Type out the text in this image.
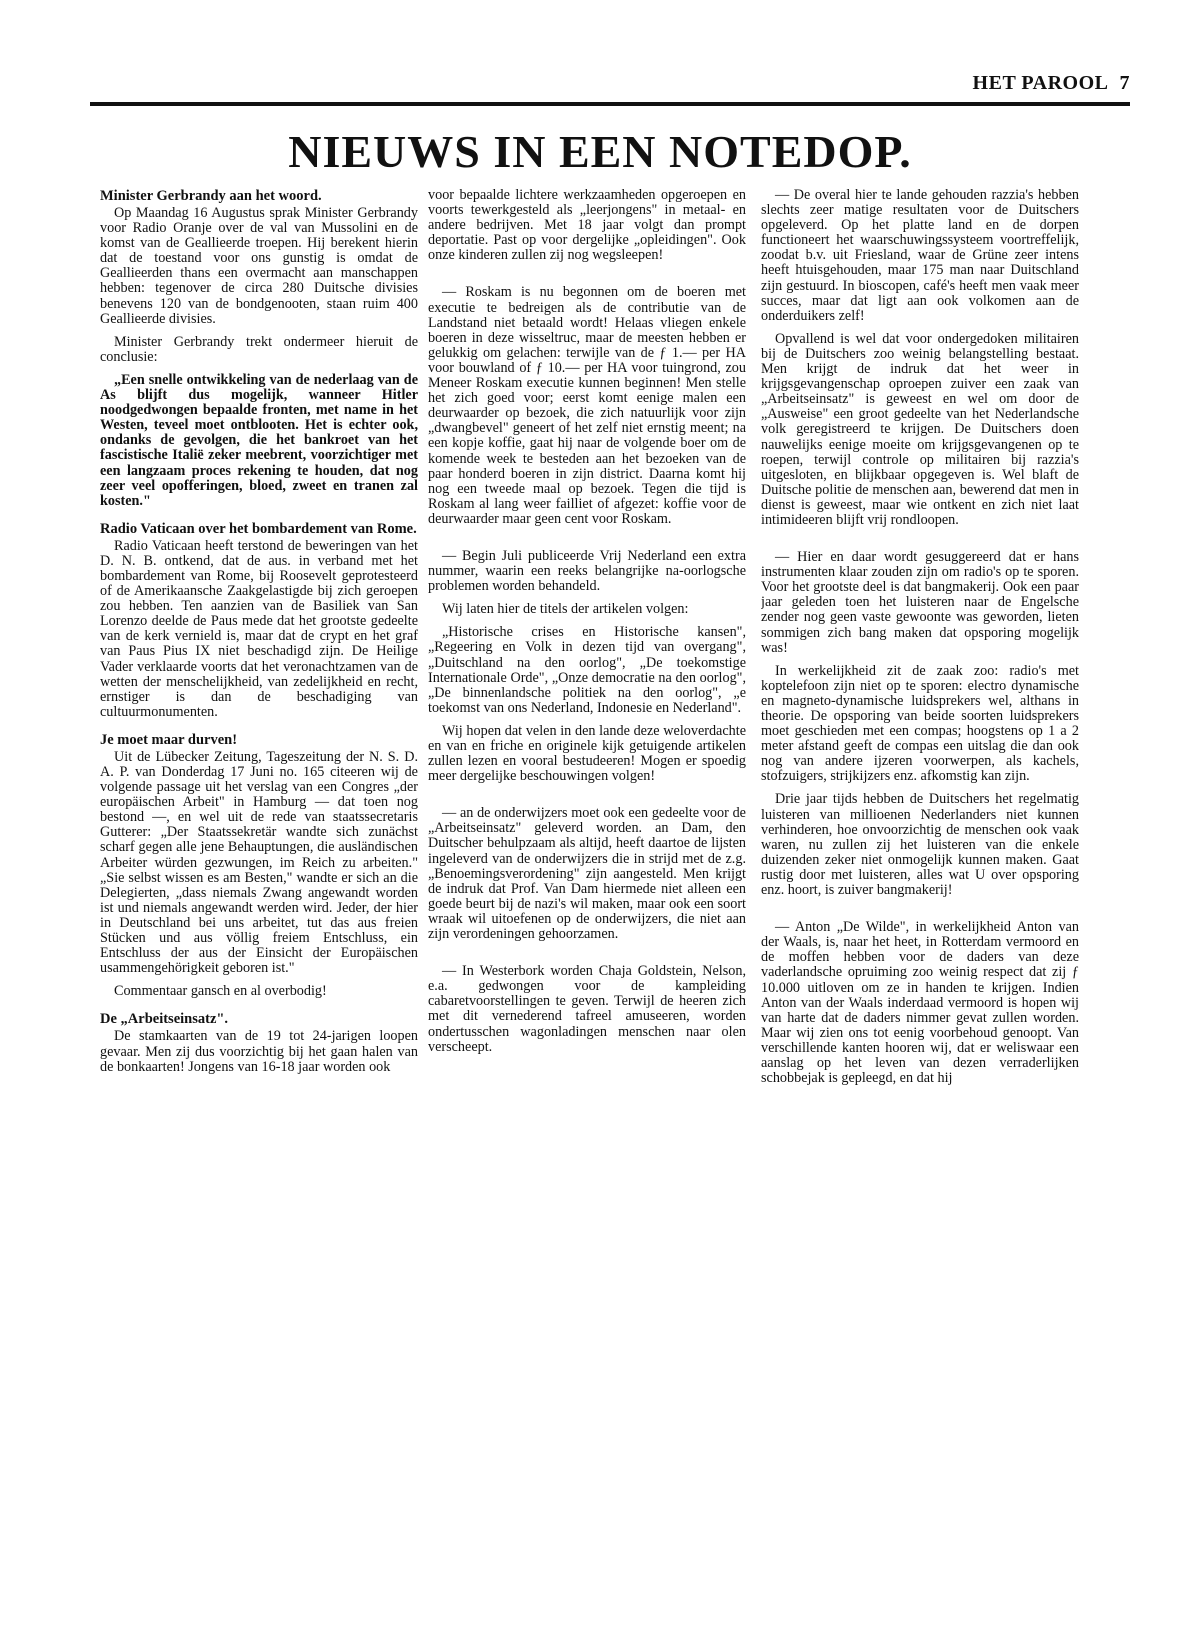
HET PAROOL 7
NIEUWS IN EEN NOTEDOP.
Minister Gerbrandy aan het woord.

Op Maandag 16 Augustus sprak Minister Gerbrandy voor Radio Oranje over de val van Mussolini en de komst van de Geallieerde troepen. Hij berekent hierin dat de toestand voor ons gunstig is omdat de Geallieerden thans een overmacht aan manschappen hebben: tegenover de circa 280 Duitsche divisies benevens 120 van de bondgenooten, staan ruim 400 Geallieerde divisies.

Minister Gerbrandy trekt ondermeer hieruit de conclusie:

„Een snelle ontwikkeling van de nederlaag van de As blijft dus mogelijk, wanneer Hitler noodgedwongen bepaalde fronten, met name in het Westen, teveel moet ontblooten. Het is echter ook, ondanks de gevolgen, die het bankroet van het fascistische Italië zeker meebrent, voorzichtiger met een langzaam proces rekening te houden, dat nog zeer veel opofferingen, bloed, zweet en tranen zal kosten."

Radio Vaticaan over het bombardement van Rome.

Radio Vaticaan heeft terstond de beweringen van het D. N. B. ontkend, dat de aus. in verband met het bombardement van Rome, bij Roosevelt geprotesteerd of de Amerikaansche Zaakgelastigde bij zich geroepen zou hebben. Ten aanzien van de Basiliek van San Lorenzo deelde de Paus mede dat het grootste gedeelte van de kerk vernield is, maar dat de crypt en het graf van Paus Pius IX niet beschadigd zijn. De Heilige Vader verklaarde voorts dat het veronachtzamen van de wetten der menschelijkheid, van zedelijkheid en recht, ernstiger is dan de beschadiging van cultuurmonumenten.

Je moet maar durven!

Uit de Lübecker Zeitung, Tageszeitung der N. S. D. A. P. van Donderdag 17 Juni no. 165 citeeren wij de volgende passage uit het verslag van een Congres „der europäischen Arbeit" in Hamburg — dat toen nog bestond —, en wel uit de rede van staatssecretaris Gutterer: „Der Staatssekretär wandte sich zunächst scharf gegen alle jene Behauptungen, die ausländischen Arbeiter würden gezwungen, im Reich zu arbeiten." „Sie selbst wissen es am Besten," wandte er sich an die Delegierten, „dass niemals Zwang angewandt worden ist und niemals angewandt werden wird. Jeder, der hier in Deutschland bei uns arbeitet, tut das aus freien Stücken und aus völlig freiem Entschluss, ein Entschluss der aus der Einsicht der Europäischen usammengehörigkeit geboren ist."

Commentaar gansch en al overbodig!

De „Arbeitseinsatz".

De stamkaarten van de 19 tot 24-jarigen loopen gevaar. Men zij dus voorzichtig bij het gaan halen van de bonkaarten! Jongens van 16-18 jaar worden ook

voor bepaalde lichtere werkzaamheden opgeroepen en voorts tewerkgesteld als „leerjongens" in metaal- en andere bedrijven. Met 18 jaar volgt dan prompt deportatie. Past op voor dergelijke „opleidingen". Ook onze kinderen zullen zij nog wegsleepen!

— Roskam is nu begonnen om de boeren met executie te bedreigen als de contributie van de Landstand niet betaald wordt! Helaas vliegen enkele boeren in deze wisseltruc, maar de meesten hebben er gelukkig om gelachen: terwijle van de ƒ 1.— per HA voor bouwland of ƒ 10.— per HA voor tuingrond, zou Meneer Roskam executie kunnen beginnen! Men stelle het zich goed voor; eerst komt eenige malen een deurwaarder op bezoek, die zich natuurlijk voor zijn „dwangbevel" geneert of het zelf niet ernstig meent; na een kopje koffie, gaat hij naar de volgende boer om de komende week te besteden aan het bezoeken van de paar honderd boeren in zijn district. Daarna komt hij nog een tweede maal op bezoek. Tegen die tijd is Roskam al lang weer failliet of afgezet: koffie voor de deurwaarder maar geen cent voor Roskam.

— Begin Juli publiceerde Vrij Nederland een extra nummer, waarin een reeks belangrijke na-oorlogsche problemen worden behandeld.

Wij laten hier de titels der artikelen volgen:

„Historische crises en Historische kansen", „Regeering en Volk in dezen tijd van overgang", „Duitschland na den oorlog", „De toekomstige Internationale Orde", „Onze democratie na den oorlog", „De binnenlandsche politiek na den oorlog", „e toekomst van ons Nederland, Indonesie en Nederland".

Wij hopen dat velen in den lande deze weloverdachte en van en friche en originele kijk getuigende artikelen zullen lezen en vooral bestudeeren! Mogen er spoedig meer dergelijke beschouwingen volgen!

— an de onderwijzers moet ook een gedeelte voor de „Arbeitseinsatz" geleverd worden. an Dam, den Duitscher behulpzaam als altijd, heeft daartoe de lijsten ingeleverd van de onderwijzers die in strijd met de z.g. „Benoemingsverordening" zijn aangesteld. Men krijgt de indruk dat Prof. Van Dam hiermede niet alleen een goede beurt bij de nazi's wil maken, maar ook een soort wraak wil uitoefenen op de onderwijzers, die niet aan zijn verordeningen gehoorzamen.

— In Westerbork worden Chaja Goldstein, Nelson, e.a. gedwongen voor de kampleiding cabaretvoorstellingen te geven. Terwijl de heeren zich met dit vernederend tafreel amuseeren, worden ondertusschen wagonladingen menschen naar olen verscheept.

— De overal hier te lande gehouden razzia's hebben slechts zeer matige resultaten voor de Duitschers opgeleverd. Op het platte land en de dorpen functioneert het waarschuwingssysteem voortreffelijk, zoodat b.v. uit Friesland, waar de Grüne zeer intens heeft htuisgehouden, maar 175 man naar Duitschland zijn gestuurd. In bioscopen, café's heeft men vaak meer succes, maar dat ligt aan ook volkomen aan de onderduikers zelf!

Opvallend is wel dat voor ondergedoken militairen bij de Duitschers zoo weinig belangstelling bestaat. Men krijgt de indruk dat het weer in krijgsgevangenschap oproepen zuiver een zaak van „Arbeitseinsatz" is geweest en wel om door de „Ausweise" een groot gedeelte van het Nederlandsche volk geregistreerd te krijgen. De Duitschers doen nauwelijks eenige moeite om krijgsgevangenen op te roepen, terwijl controle op militairen bij razzia's uitgesloten, en blijkbaar opgegeven is. Wel blaft de Duitsche politie de menschen aan, bewerend dat men in dienst is geweest, maar wie ontkent en zich niet laat intimideeren blijft vrij rondloopen.

— Hier en daar wordt gesuggereerd dat er hans instrumenten klaar zouden zijn om radio's op te sporen. Voor het grootste deel is dat bangmakerij. Ook een paar jaar geleden toen het luisteren naar de Engelsche zender nog geen vaste gewoonte was geworden, lieten sommigen zich bang maken dat opsporing mogelijk was!

In werkelijkheid zit de zaak zoo: radio's met koptelefoon zijn niet op te sporen: electro dynamische en magneto-dynamische luidsprekers wel, althans in theorie. De opsporing van beide soorten luidsprekers moet geschieden met een compas; hoogstens op 1 a 2 meter afstand geeft de compas een uitslag die dan ook nog van andere ijzeren voorwerpen, als kachels, stofzuigers, strijkijzers enz. afkomstig kan zijn.

Drie jaar tijds hebben de Duitschers het regelmatig luisteren van millioenen Nederlanders niet kunnen verhinderen, hoe onvoorzichtig de menschen ook vaak waren, nu zullen zij het luisteren van die enkele duizenden zeker niet onmogelijk kunnen maken. Gaat rustig door met luisteren, alles wat U over opsporing enz. hoort, is zuiver bangmakerij!

— Anton „De Wilde", in werkelijkheid Anton van der Waals, is, naar het heet, in Rotterdam vermoord en de moffen hebben voor de daders van deze vaderlandsche opruiming zoo weinig respect dat zij ƒ 10.000 uitloven om ze in handen te krijgen. Indien Anton van der Waals inderdaad vermoord is hopen wij van harte dat de daders nimmer gevat zullen worden. Maar wij zien ons tot eenig voorbehoud genoopt. Van verschillende kanten hooren wij, dat er weliswaar een aanslag op het leven van dezen verraderlijken schobbejak is gepleegd, en dat hij
